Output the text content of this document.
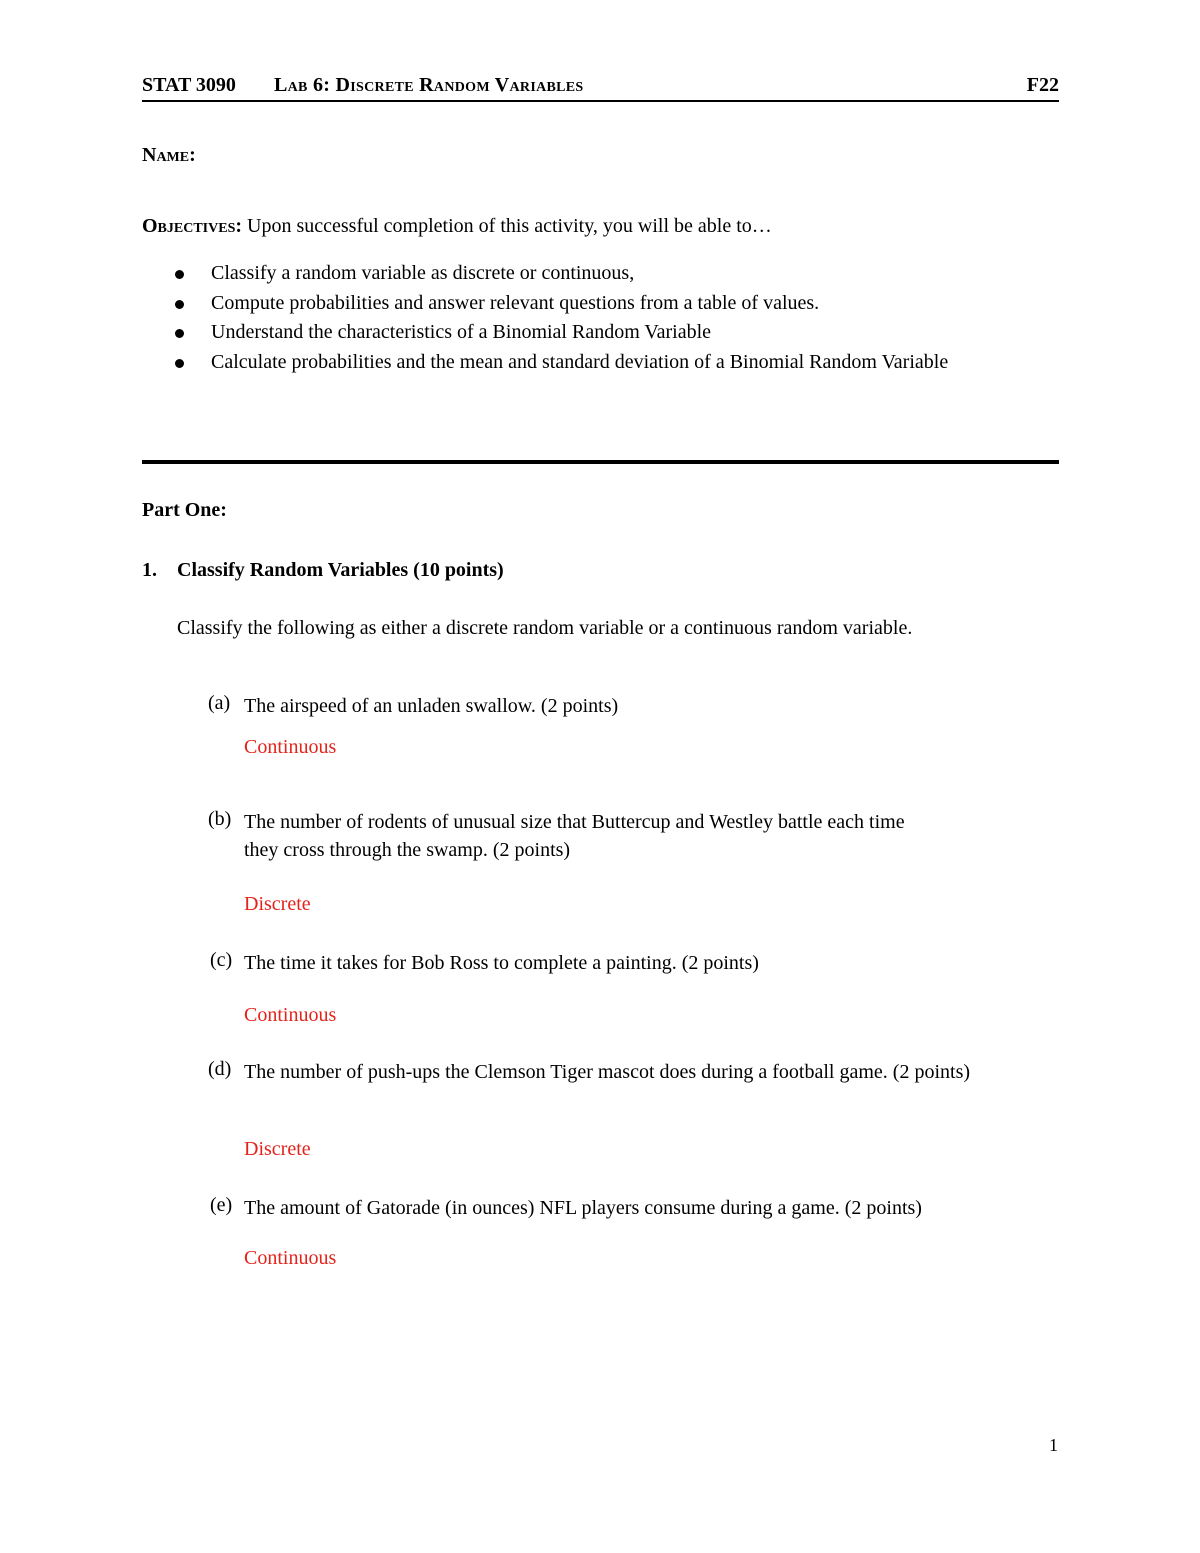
STAT 3090 Lab 6: Discrete Random Variables	F22
Name:
Objectives: Upon successful completion of this activity, you will be able to…
Classify a random variable as discrete or continuous,
Compute probabilities and answer relevant questions from a table of values.
Understand the characteristics of a Binomial Random Variable
Calculate probabilities and the mean and standard deviation of a Binomial Random Variable
Part One:
1. Classify Random Variables (10 points)
Classify the following as either a discrete random variable or a continuous random variable.
(a) The airspeed of an unladen swallow. (2 points)
Continuous
(b) The number of rodents of unusual size that Buttercup and Westley battle each time they cross through the swamp. (2 points)
Discrete
(c) The time it takes for Bob Ross to complete a painting. (2 points)
Continuous
(d) The number of push-ups the Clemson Tiger mascot does during a football game. (2 points)
Discrete
(e) The amount of Gatorade (in ounces) NFL players consume during a game. (2 points)
Continuous
1
